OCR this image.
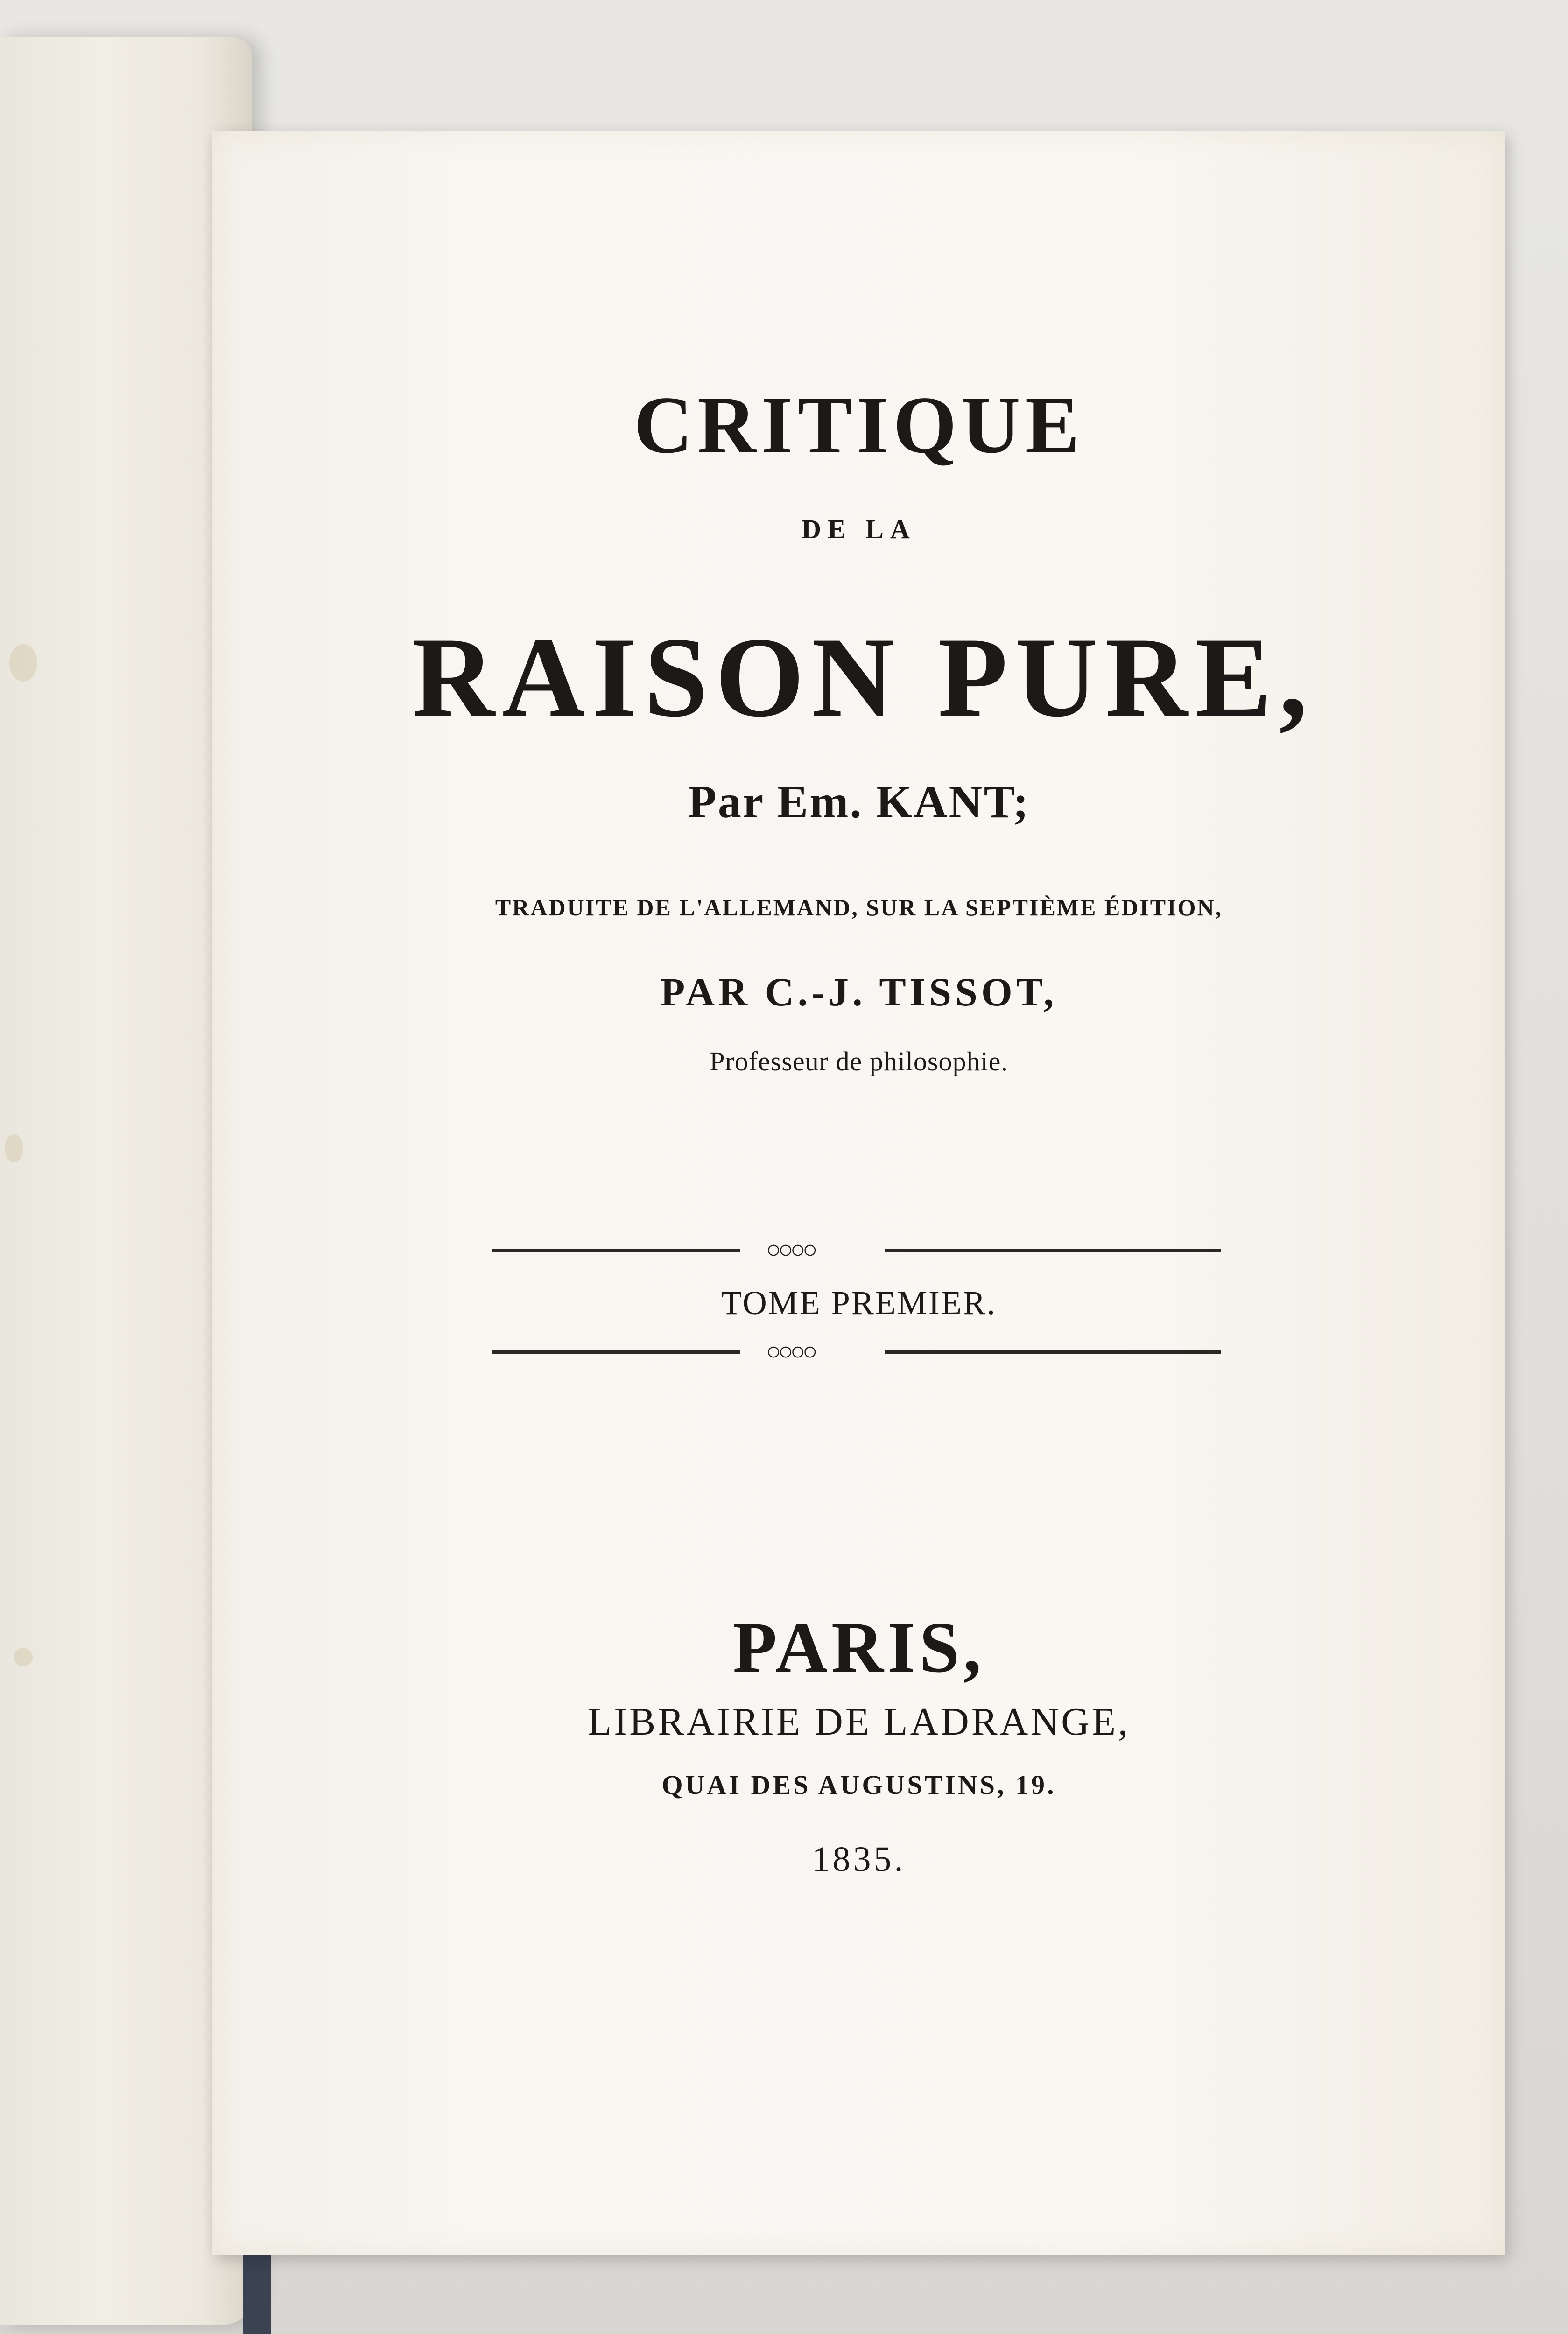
CRITIQUE
DE LA
RAISON PURE,
Par Em. KANT;
TRADUITE DE L'ALLEMAND, SUR LA SEPTIÈME ÉDITION,
PAR C.-J. TISSOT,
Professeur de philosophie.
○○○○
TOME PREMIER.
○○○○
PARIS,
LIBRAIRIE DE LADRANGE,
QUAI DES AUGUSTINS, 19.
1835.
